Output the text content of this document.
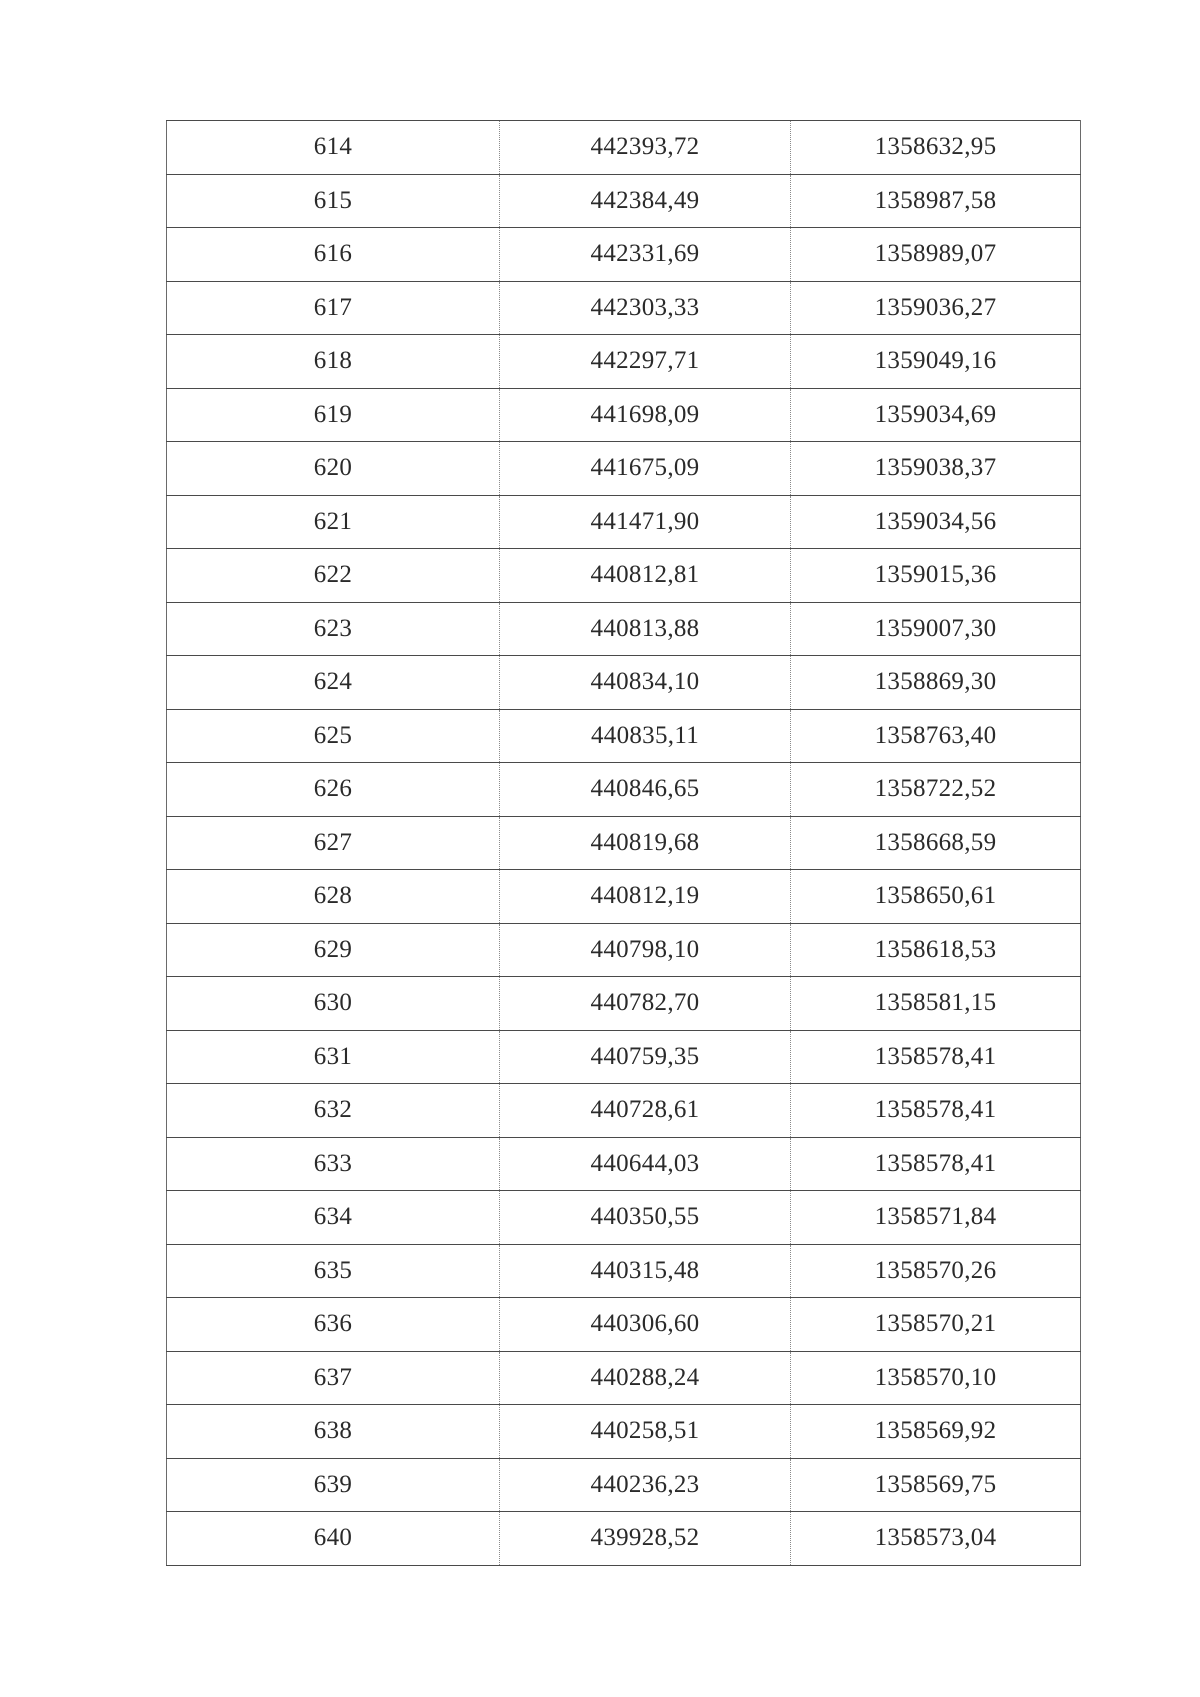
614	442393,72	1358632,95
615	442384,49	1358987,58
616	442331,69	1358989,07
617	442303,33	1359036,27
618	442297,71	1359049,16
619	441698,09	1359034,69
620	441675,09	1359038,37
621	441471,90	1359034,56
622	440812,81	1359015,36
623	440813,88	1359007,30
624	440834,10	1358869,30
625	440835,11	1358763,40
626	440846,65	1358722,52
627	440819,68	1358668,59
628	440812,19	1358650,61
629	440798,10	1358618,53
630	440782,70	1358581,15
631	440759,35	1358578,41
632	440728,61	1358578,41
633	440644,03	1358578,41
634	440350,55	1358571,84
635	440315,48	1358570,26
636	440306,60	1358570,21
637	440288,24	1358570,10
638	440258,51	1358569,92
639	440236,23	1358569,75
640	439928,52	1358573,04
